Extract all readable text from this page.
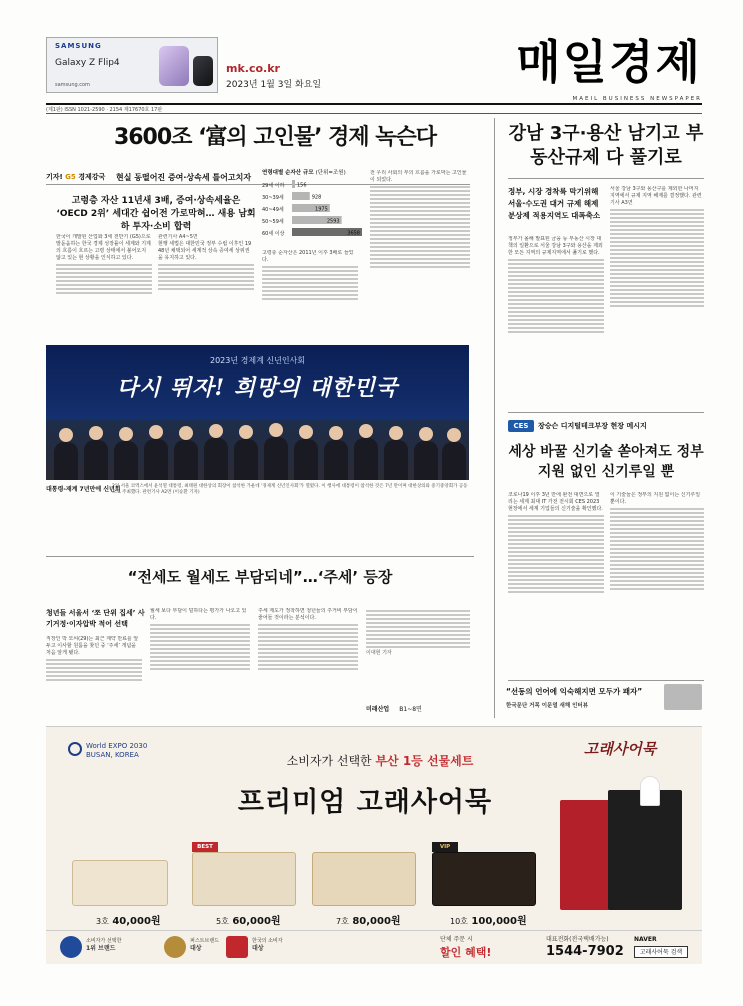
SAMSUNG
Galaxy Z Flip4
samsung.com
mk.co.kr
2023년 1월 3일 화요일	매일경제
MAEIL BUSINESS NEWSPAPER
(제1판) ISSN 1021-2590 · 2154 제17670호 17판
3600조 ‘富의 고인물’ 경제 녹슨다
기자! G5 경제강국 현실 동떨어진 증여·상속세 틀어고치자
고령층 자산 11년새 3배, 증여·상속세율은 ‘OECD 2위’ 세대간 쉽어전 가로막혀… 새용 남회하 투자·소비 합력
한국이 개발된 산업화 3세 전반기 (G5)으로 발돋움하는 한국 경제 성장률이 세계와 기계의 흐름이 흐르는 고령 상태에서 불어오지 않고 있는 현 상황을 인식하고 있다.
관련기사 A4~5면
현행 세법은 대한민국 정부 수립 이후인 1948년 채택되어 세계적 상속 증여세 상위권을 유지하고 있다.
연령대별 순자산 규모 (단위=조원)
29세 이하	156
30~39세	928
40~49세	1975
50~59세	2593
60세 이상	3658
고령층 순자산은 2011년 이후 3배로 늘었다.
전 우리 사회의 부의 흐름을 가로막는 고인물이 되었다.
2023년 경제계 신년인사회
다시 뛰자! 희망의 대한민국
대통령-재계 7년만에 신년회
2일 서울 코엑스에서 윤석열 대통령, 최태원 대한상의 회장이 참석한 가운데 '경제계 신년인사회'가 열렸다. 이 행사에 대통령이 참석한 것은 7년 만이며 대한상의와 중기중앙회가 공동으로 주최했다. 관련기사 A2면 (이승환 기자)
“전세도 월세도 부담되네”…‘주세’ 등장
청년들 서울서 ‘쪼 단위 집세’ 사기거정·이자압박 적어 선택
직장인 박 모씨(29)는 최근 계약 만료를 앞두고 이사할 원룸을 찾던 중 ‘주세’ 개념을 처음 알게 됐다.
월세 보다 부담이 덜하다는 평가가 나오고 있다.
주세 제도가 정착하면 청년들의 주거비 부담이 줄어들 것이라는 분석이다.
이대현 기자
미래산업 B1~8면
강남 3구·용산 남기고 부동산규제 다 풀기로
정부, 시장 경착륙 막기위해 서울·수도권 대거 규제 해제 분상제 적용지역도 대폭축소
정부가 올해 발표된 금융 등 부동산 시장 대책의 일환으로 서울 강남 3구와 용산을 제외한 모든 지역의 규제지역에서 풀기로 했다.
서울 강남 3구와 용산구를 제외한 나머지 지역에서 규제 지역 해제를 결정했다. 관련기사 A3면
CES	장승슨 디지털테크부장 현장 메시지
세상 바꿀 신기술 쏟아져도 정부지원 없인 신기루일 뿐
코로나19 이후 3년 만에 완전 대면으로 열리는 세계 최대 IT 가전 전시회 CES 2023 현장에서 세계 기업들의 신기술을 확인했다.
이 기술들은 정부의 지원 없이는 신기루일 뿐이다.
“선동의 언어에 익숙해지면 모두가 패자”
한국문단 거목 이문열 새해 인터뷰
World EXPO 2030
BUSAN, KOREA	소비자가 선택한 부산 1등 선물세트
프리미엄 고래사어묵
고래사어묵
BEST	VIP
3호 40,000원	5호 60,000원	7호 80,000원	10호 100,000원
소비자가 선택한
1위 브랜드
퍼스트브랜드
대상
한국의 소비자
대상
단체 주문 시
할인 혜택!
대표전화(전국택배가능)
1544-7902
NAVER
고래사어묵 검색
